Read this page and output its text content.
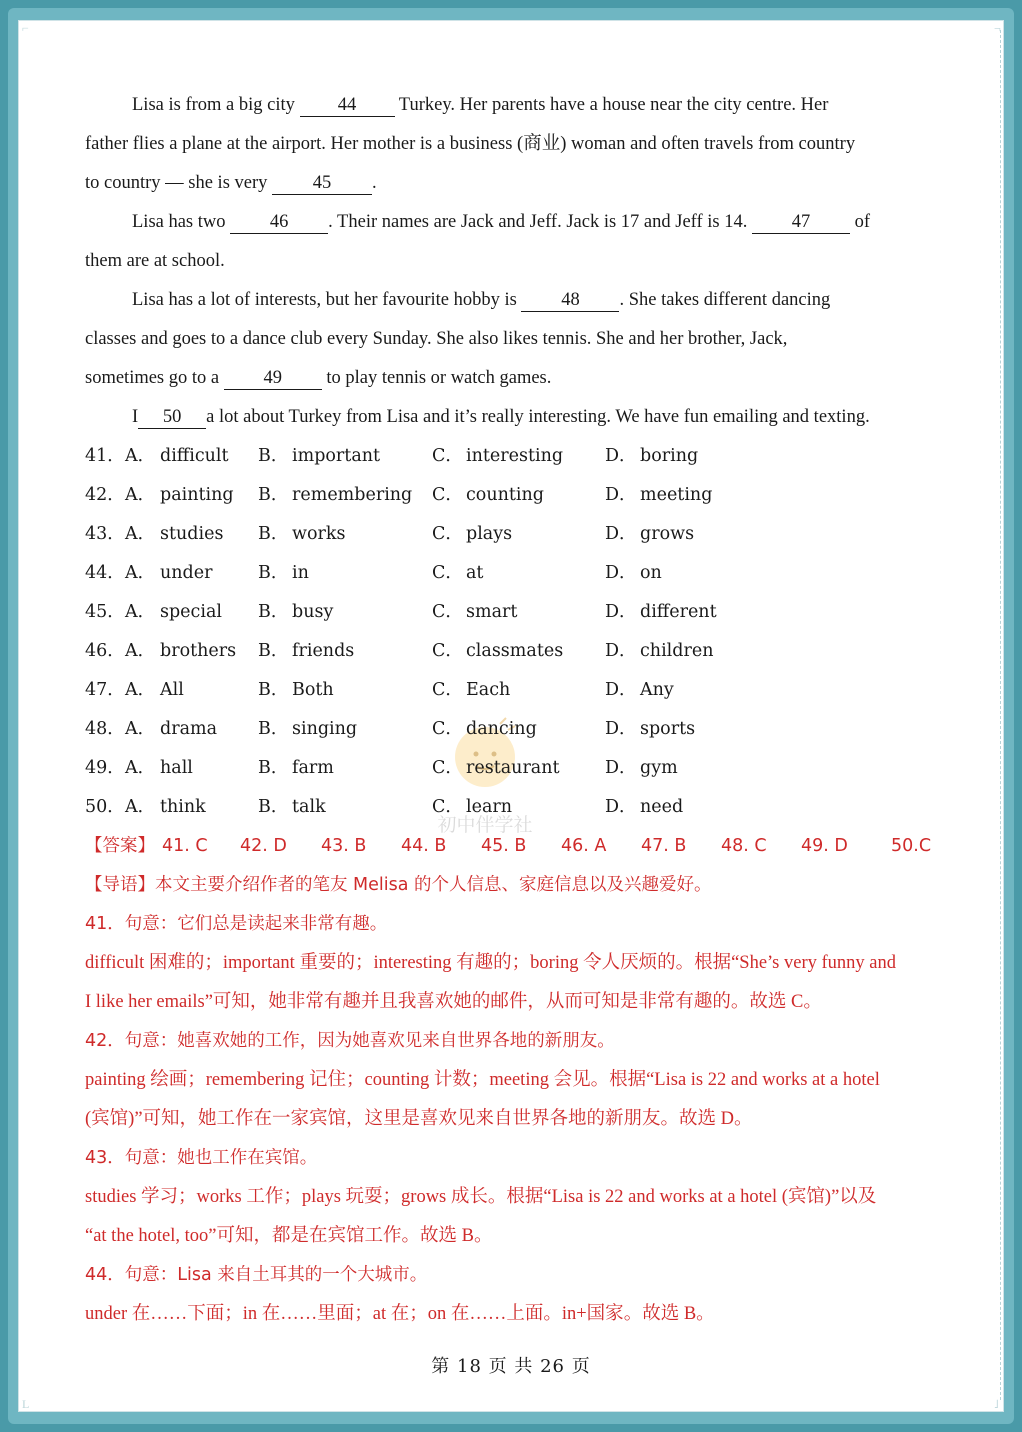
⌐	¬
L	˩
初中伴学社
Lisa is from a big city 44 Turkey. Her parents have a house near the city centre. Her
father flies a plane at the airport. Her mother is a business (商业) woman and often travels from country
to country — she is very 45 .
Lisa has two 46 . Their names are Jack and Jeff. Jack is 17 and Jeff is 14. 47 of
them are at school.
Lisa has a lot of interests, but her favourite hobby is 48 . She takes different dancing
classes and goes to a dance club every Sunday. She also likes tennis. She and her brother, Jack,
sometimes go to a 49 to play tennis or watch games.
I 50 a lot about Turkey from Lisa and it’s really interesting. We have fun emailing and texting.
41． A． difficult B． important	C． interesting D． boring
42． A． painting B． remembering C． counting	D． meeting
43． A． studies B． works	C． plays	D． grows
44． A． under	B． in	C． at	D． on
45． A． special B． busy	C． smart	D． different
46． A． brothers B． friends	C． classmates D． children
47． A． All	B． Both	C． Each	D． Any
48． A． drama B． singing	C． dancing	D． sports
49． A． hall	B． farm	C． restaurant	D． gym
50． A． think	B． talk	C． learn	D． need
【答案】 41. C 42. D 43. B 44. B 45. B 46. A 47. B 48. C 49. D 50.C
【导语】本文主要介绍作者的笔友 Melisa 的个人信息、家庭信息以及兴趣爱好。
41．句意：它们总是读起来非常有趣。
difficult 困难的；important 重要的；interesting 有趣的；boring 令人厌烦的。根据“She’s very funny and
I like her emails”可知，她非常有趣并且我喜欢她的邮件，从而可知是非常有趣的。故选 C。
42．句意：她喜欢她的工作，因为她喜欢见来自世界各地的新朋友。
painting 绘画；remembering 记住；counting 计数；meeting 会见。根据“Lisa is 22 and works at a hotel
(宾馆)”可知，她工作在一家宾馆，这里是喜欢见来自世界各地的新朋友。故选 D。
43．句意：她也工作在宾馆。
studies 学习；works 工作；plays 玩耍；grows 成长。根据“Lisa is 22 and works at a hotel (宾馆)”以及
“at the hotel, too”可知，都是在宾馆工作。故选 B。
44．句意：Lisa 来自土耳其的一个大城市。
under 在……下面；in 在……里面；at 在；on 在……上面。in+国家。故选 B。
第 18 页 共 26 页
